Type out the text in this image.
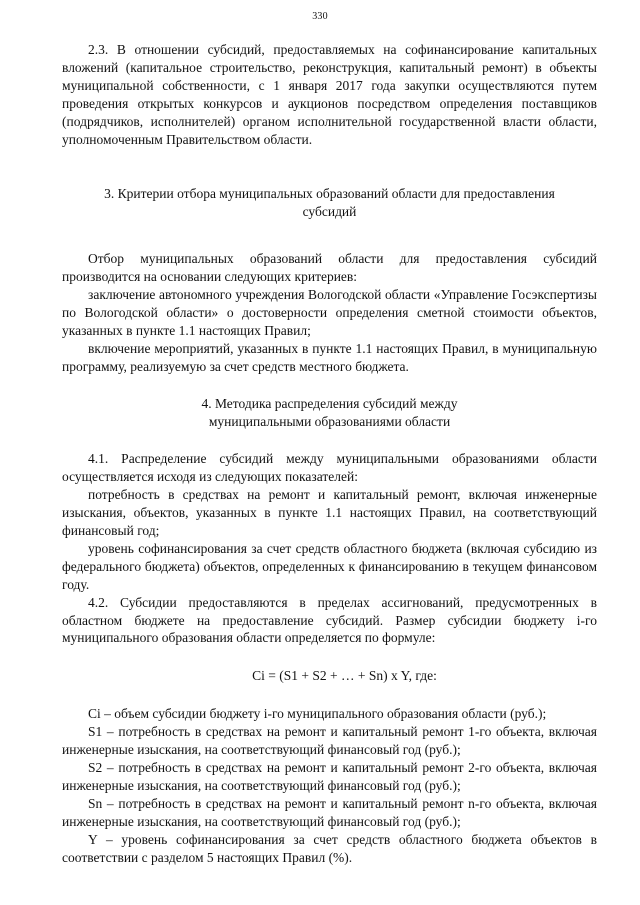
330

2.3. В отношении субсидий, предоставляемых на софинансирование капитальных вложений (капитальное строительство, реконструкция, капитальный ремонт) в объекты муниципальной собственности, с 1 января 2017 года закупки осуществляются путем проведения открытых конкурсов и аукционов посредством определения поставщиков (подрядчиков, исполнителей) органом исполнительной государственной власти области, уполномоченным Правительством области.

3. Критерии отбора муниципальных образований области для предоставления субсидий

Отбор муниципальных образований области для предоставления субсидий производится на основании следующих критериев:

заключение автономного учреждения Вологодской области «Управление Госэкспертизы по Вологодской области» о достоверности определения сметной стоимости объектов, указанных в пункте 1.1 настоящих Правил;

включение мероприятий, указанных в пункте 1.1 настоящих Правил, в муниципальную программу, реализуемую за счет средств местного бюджета.

4. Методика распределения субсидий между
муниципальными образованиями области

4.1. Распределение субсидий между муниципальными образованиями области осуществляется исходя из следующих показателей:

потребность в средствах на ремонт и капитальный ремонт, включая инженерные изыскания, объектов, указанных в пункте 1.1 настоящих Правил, на соответствующий финансовый год;

уровень софинансирования за счет средств областного бюджета (включая субсидию из федерального бюджета) объектов, определенных к финансированию в текущем финансовом году.

4.2. Субсидии предоставляются в пределах ассигнований, предусмотренных в областном бюджете на предоставление субсидий. Размер субсидии бюджету i-го муниципального образования области определяется по формуле:

Ci = (S1 + S2 + … + Sn) x Y, где:

Ci – объем субсидии бюджету i-го муниципального образования области (руб.);

S1 – потребность в средствах на ремонт и капитальный ремонт 1-го объекта, включая инженерные изыскания, на соответствующий финансовый год (руб.);

S2 – потребность в средствах на ремонт и капитальный ремонт 2-го объекта, включая инженерные изыскания, на соответствующий финансовый год (руб.);

Sn – потребность в средствах на ремонт и капитальный ремонт n-го объекта, включая инженерные изыскания, на соответствующий финансовый год (руб.);

Y – уровень софинансирования за счет средств областного бюджета объектов в соответствии с разделом 5 настоящих Правил (%).
